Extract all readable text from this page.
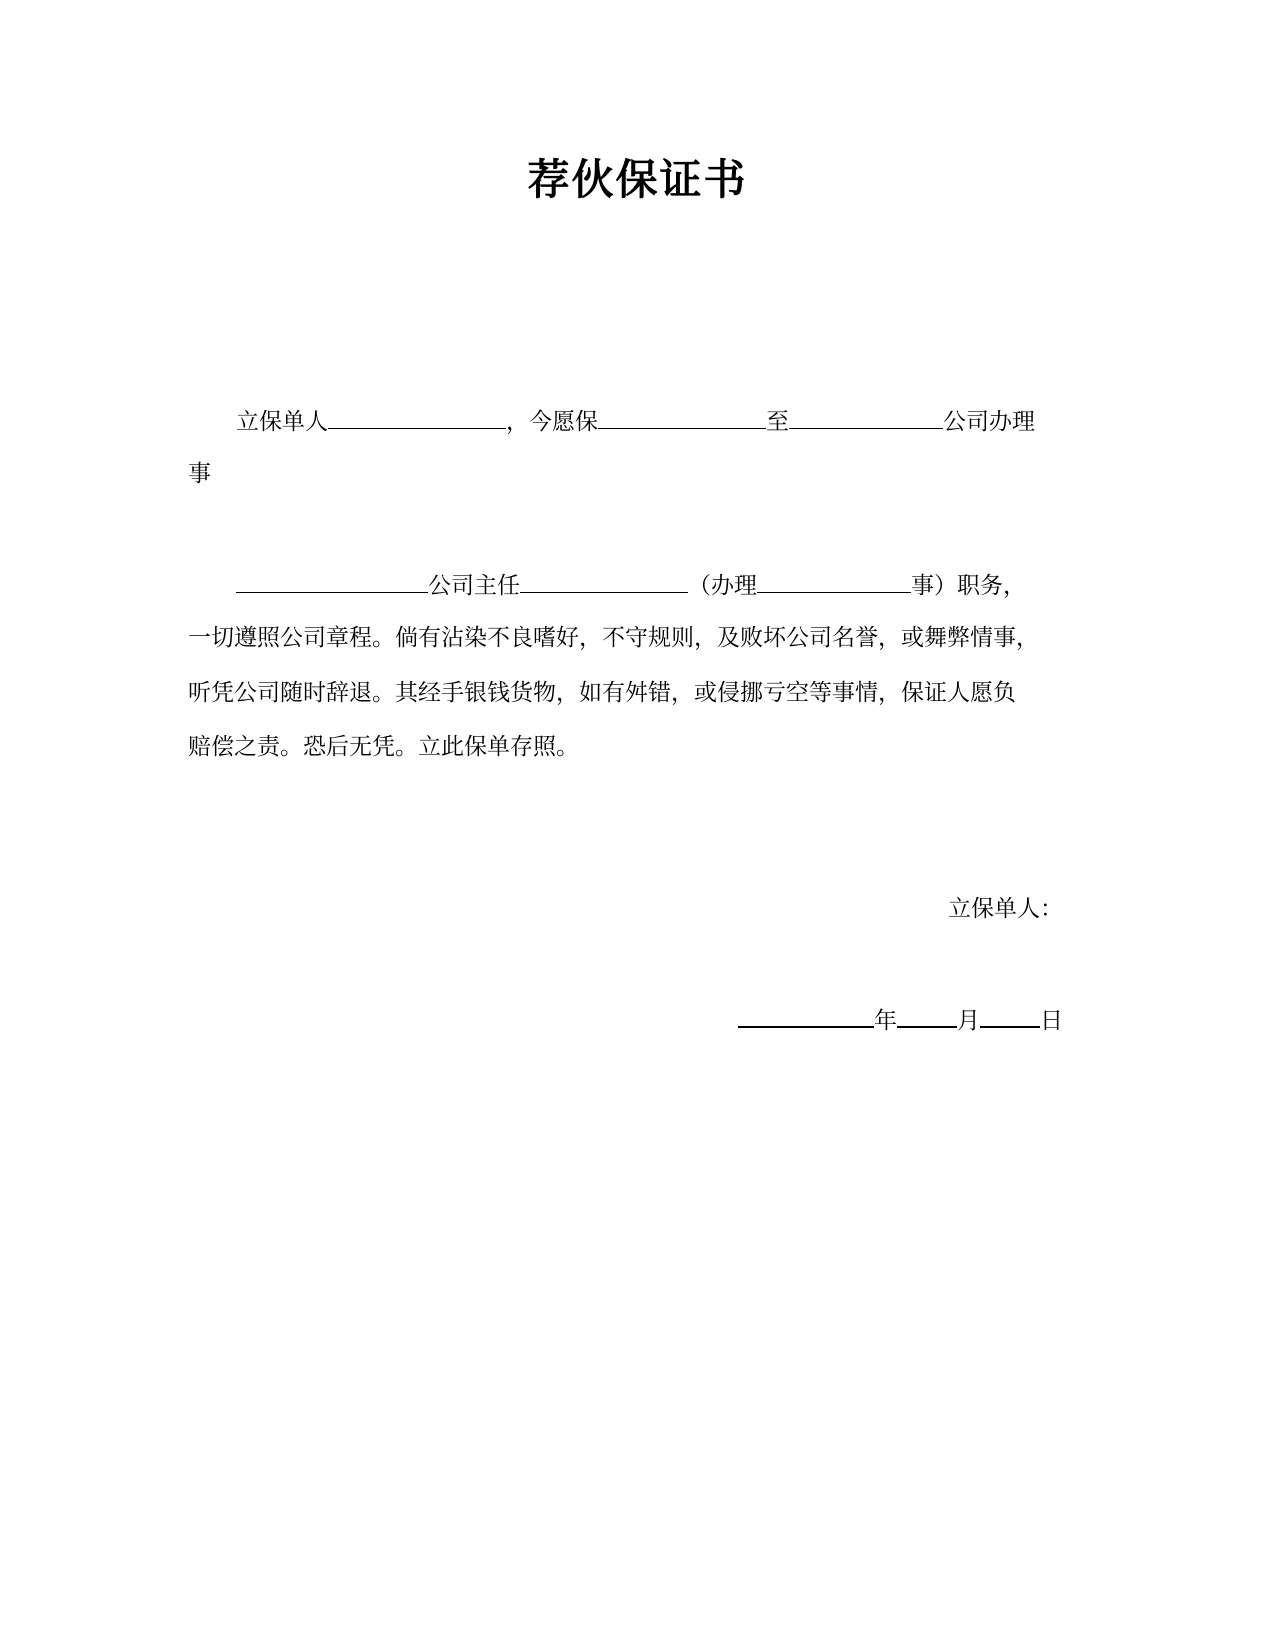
荐伙保证书
立保单人	，今愿保	至	公司办理
事
公司主任	（办理	事）职务，
一切遵照公司章程。倘有沾染不良嗜好，不守规则，及败坏公司名誉，或舞弊情事，
听凭公司随时辞退。其经手银钱货物，如有舛错，或侵挪亏空等事情，保证人愿负
赔偿之责。恐后无凭。立此保单存照。
立保单人：
年	月	日
